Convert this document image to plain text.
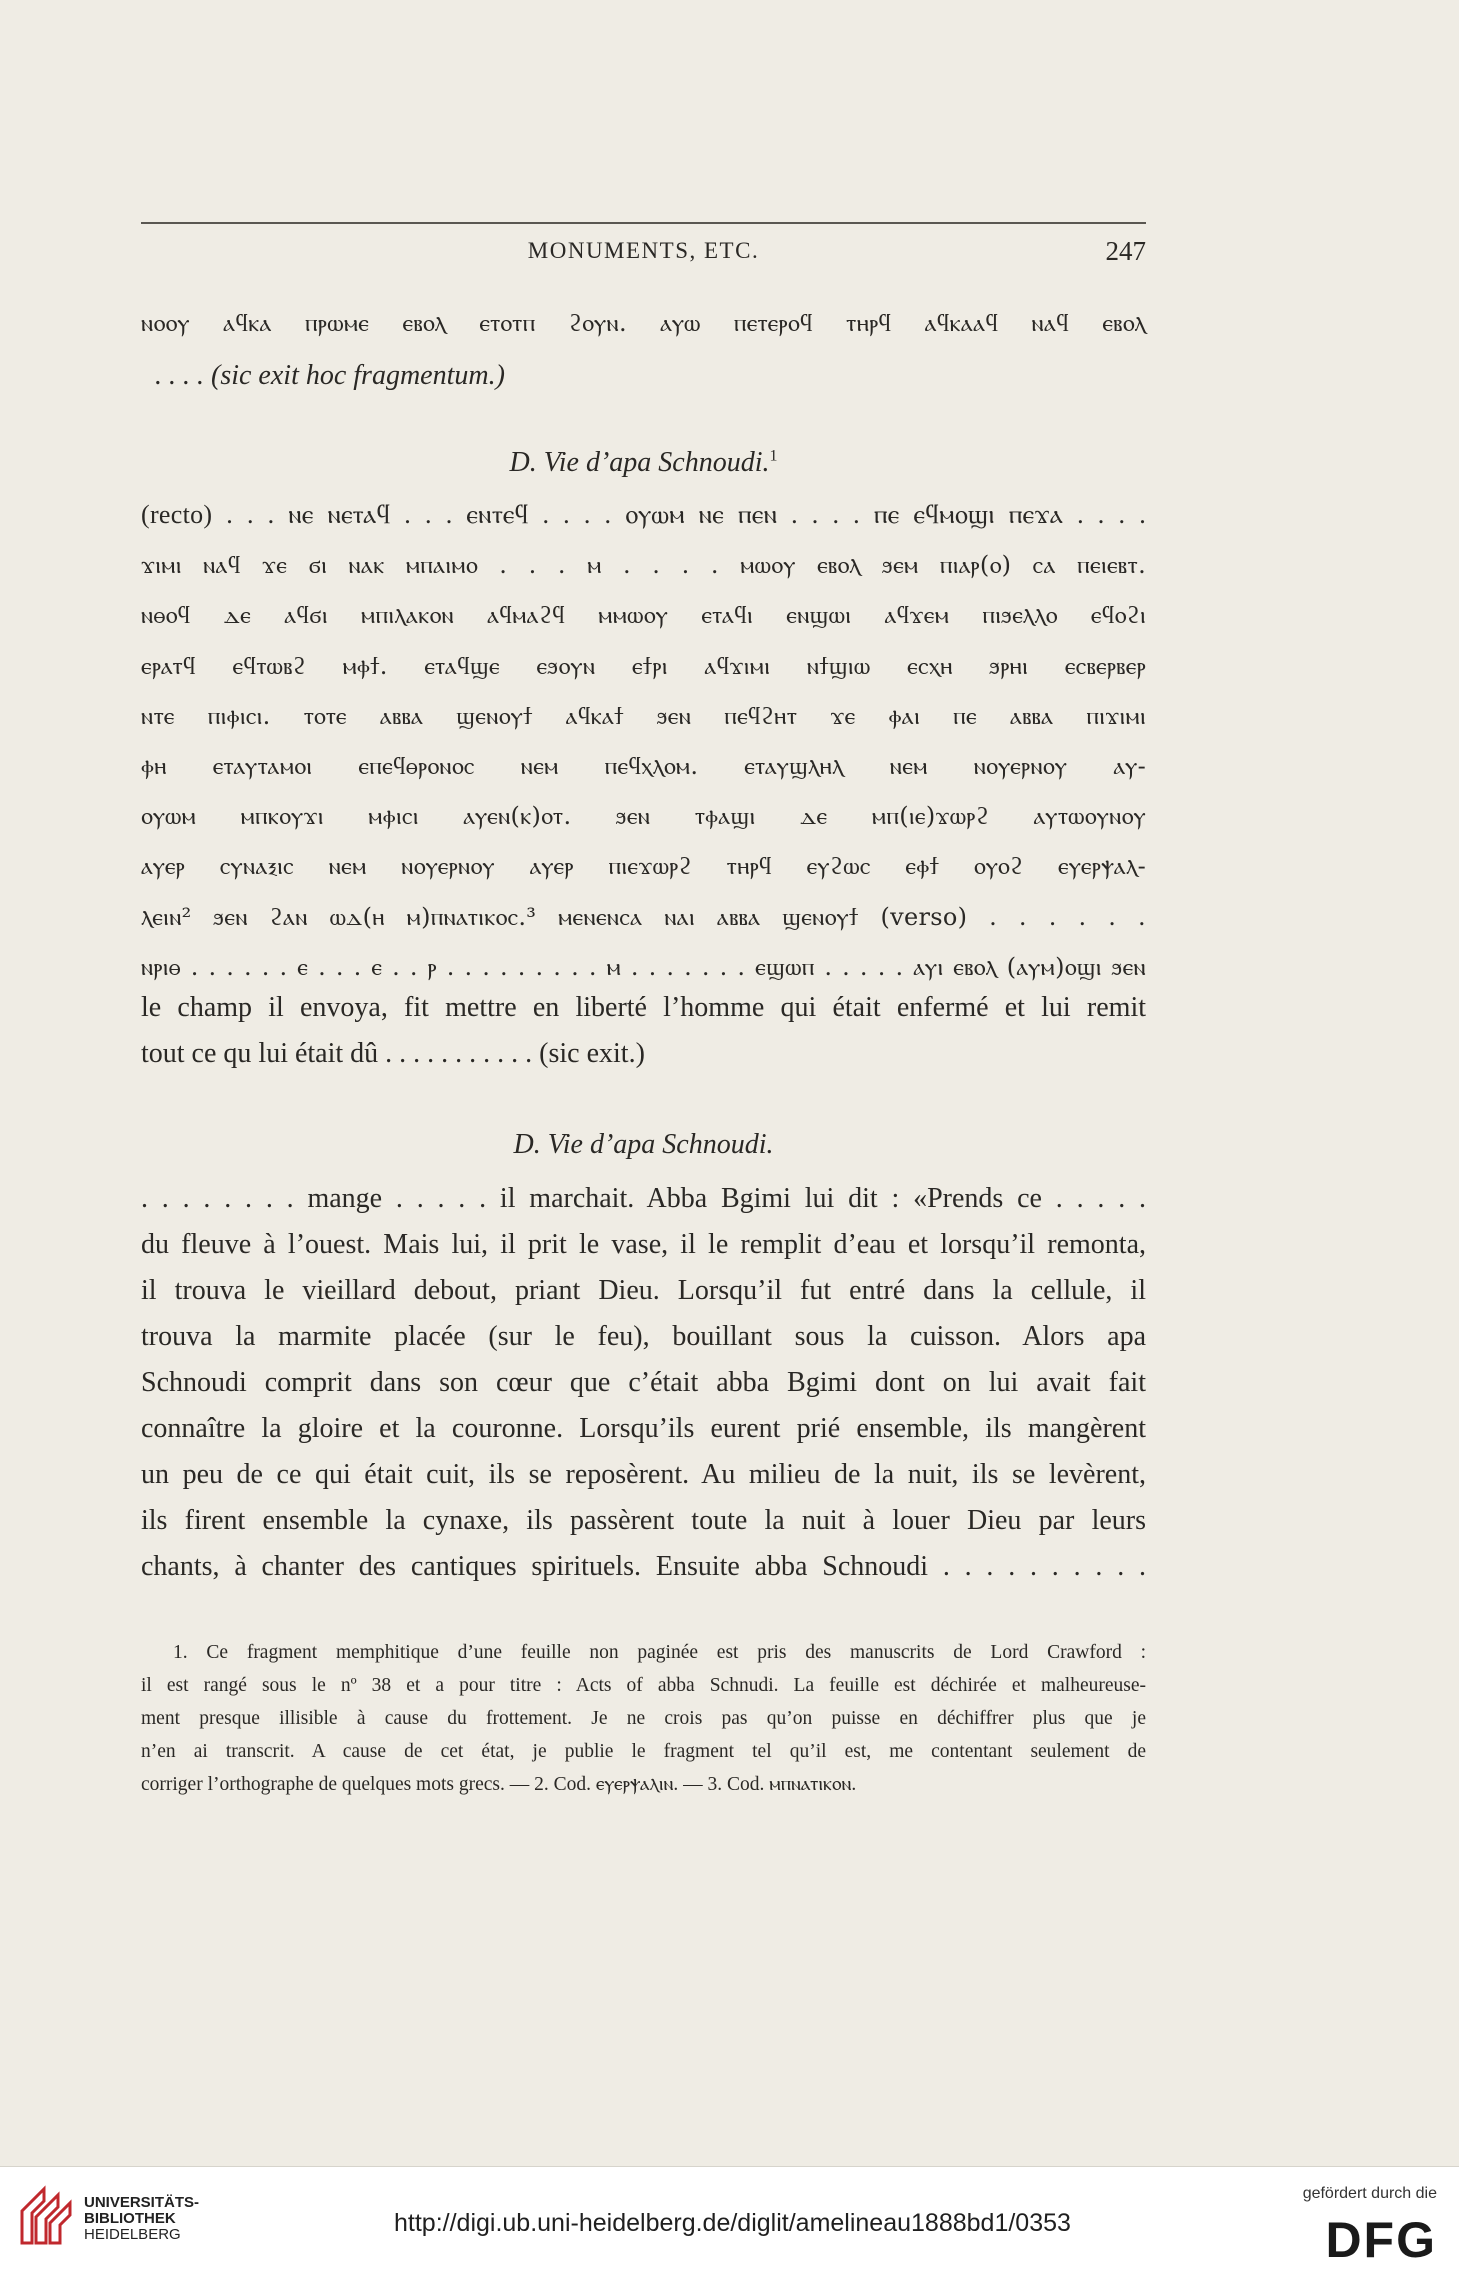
MONUMENTS, ETC.	247
ⲛⲟⲟⲩ ⲁϥⲕⲁ ⲡⲣⲱⲙⲉ ⲉⲃⲟⲗ ⲉⲧⲟⲧⲡ ϩⲟⲩⲛ. ⲁⲩⲱ ⲡⲉⲧⲉⲣⲟϥ ⲧⲏⲣϥ ⲁϥⲕⲁⲁϥ ⲛⲁϥ ⲉⲃⲟⲗ
. . . . (sic exit hoc fragmentum.)
D. Vie d’apa Schnoudi.$^1$
(recto) . . . ⲛⲉ ⲛⲉⲧⲁϥ . . . ⲉⲛⲧⲉϥ . . . . ⲟⲩⲱⲙ ⲛⲉ ⲡⲉⲛ . . . . ⲡⲉ ⲉϥⲙⲟϣⲓ ⲡⲉϫⲁ . . . .
ϫⲓⲙⲓ ⲛⲁϥ ϫⲉ ϭⲓ ⲛⲁⲕ ⲙⲡⲁⲓⲙⲟ . . . ⲙ . . . . ⲙⲱⲟⲩ ⲉⲃⲟⲗ ϧⲉⲙ ⲡⲓⲁⲣ(ⲟ) ⲥⲁ ⲡⲉⲓⲉⲃⲧ.
ⲛⲑⲟϥ ⲇⲉ ⲁϥϭⲓ ⲙⲡⲓⲗⲁⲕⲟⲛ ⲁϥⲙⲁϩϥ ⲙⲙⲱⲟⲩ ⲉⲧⲁϥⲓ ⲉⲛϣⲱⲓ ⲁϥϫⲉⲙ ⲡⲓϧⲉⲗⲗⲟ ⲉϥⲟϩⲓ
ⲉⲣⲁⲧϥ ⲉϥⲧⲱⲃϩ ⲙⲫϯ. ⲉⲧⲁϥϣⲉ ⲉϧⲟⲩⲛ ⲉϯⲣⲓ ⲁϥϫⲓⲙⲓ ⲛϯϣⲓⲱ ⲉⲥⲭⲏ ϧⲣⲏⲓ ⲉⲥⲃⲉⲣⲃⲉⲣ
ⲛⲧⲉ ⲡⲓⲫⲓⲥⲓ. ⲧⲟⲧⲉ ⲁⲃⲃⲁ ϣⲉⲛⲟⲩϯ ⲁϥⲕⲁϯ ϧⲉⲛ ⲡⲉϥϩⲏⲧ ϫⲉ ⲫⲁⲓ ⲡⲉ ⲁⲃⲃⲁ ⲡⲓϫⲓⲙⲓ
ⲫⲏ ⲉⲧⲁⲩⲧⲁⲙⲟⲓ ⲉⲡⲉϥⲑⲣⲟⲛⲟⲥ ⲛⲉⲙ ⲡⲉϥⲭⲗⲟⲙ. ⲉⲧⲁⲩϣⲗⲏⲗ ⲛⲉⲙ ⲛⲟⲩⲉⲣⲛⲟⲩ ⲁⲩ-
ⲟⲩⲱⲙ ⲙⲡⲕⲟⲩϫⲓ ⲙⲫⲓⲥⲓ ⲁⲩⲉⲛ(ⲕ)ⲟⲧ. ϧⲉⲛ ⲧⲫⲁϣⲓ ⲇⲉ ⲙⲡ(ⲓⲉ)ϫⲱⲣϩ ⲁⲩⲧⲱⲟⲩⲛⲟⲩ
ⲁⲩⲉⲣ ⲥⲩⲛⲁⲝⲓⲥ ⲛⲉⲙ ⲛⲟⲩⲉⲣⲛⲟⲩ ⲁⲩⲉⲣ ⲡⲓⲉϫⲱⲣϩ ⲧⲏⲣϥ ⲉⲩϩⲱⲥ ⲉⲫϯ ⲟⲩⲟϩ ⲉⲩⲉⲣⲯⲁⲗ-
ⲗⲉⲓⲛ² ϧⲉⲛ ϩⲁⲛ ⲱⲇ(ⲏ ⲙ)ⲡⲛⲁⲧⲓⲕⲟⲥ.³ ⲙⲉⲛⲉⲛⲥⲁ ⲛⲁⲓ ⲁⲃⲃⲁ ϣⲉⲛⲟⲩϯ (verso) . . . . . .
ⲛⲣⲓⲑ . . . . . . ⲉ . . . ⲉ . . ⲣ . . . . . . . . . ⲙ . . . . . . . ⲉϣⲱⲡ . . . . . ⲁⲩⲓ ⲉⲃⲟⲗ (ⲁⲩⲙ)ⲟϣⲓ ϧⲉⲛ
le champ il envoya, fit mettre en liberté l’homme qui était enfermé et lui remit
tout ce qu lui était dû . . . . . . . . . . . (sic exit.)
D. Vie d’apa Schnoudi.
. . . . . . . . mange . . . . . il marchait. Abba Bgimi lui dit : «Prends ce . . . . .
du fleuve à l’ouest. Mais lui, il prit le vase, il le remplit d’eau et lorsqu’il remonta,
il trouva le vieillard debout, priant Dieu. Lorsqu’il fut entré dans la cellule, il
trouva la marmite placée (sur le feu), bouillant sous la cuisson. Alors apa
Schnoudi comprit dans son cœur que c’était abba Bgimi dont on lui avait fait
connaître la gloire et la couronne. Lorsqu’ils eurent prié ensemble, ils mangèrent
un peu de ce qui était cuit, ils se reposèrent. Au milieu de la nuit, ils se levèrent,
ils firent ensemble la cynaxe, ils passèrent toute la nuit à louer Dieu par leurs
chants, à chanter des cantiques spirituels. Ensuite abba Schnoudi . . . . . . . . . .
1. Ce fragment memphitique d’une feuille non paginée est pris des manuscrits de Lord Crawford :
il est rangé sous le nº 38 et a pour titre : Acts of abba Schnudi. La feuille est déchirée et malheureuse-
ment presque illisible à cause du frottement. Je ne crois pas qu’on puisse en déchiffrer plus que je
n’en ai transcrit. A cause de cet état, je publie le fragment tel qu’il est, me contentant seulement de
corriger l’orthographe de quelques mots grecs. — 2. Cod. ⲉⲩⲉⲣⲯⲁⲗⲓⲛ. — 3. Cod. ⲙⲡⲛⲁⲧⲓⲕⲟⲛ.
UNIVERSITÄTS-
BIBLIOTHEK
HEIDELBERG	http://digi.ub.uni-heidelberg.de/diglit/amelineau1888bd1/0353
gefördert durch die
DFG
